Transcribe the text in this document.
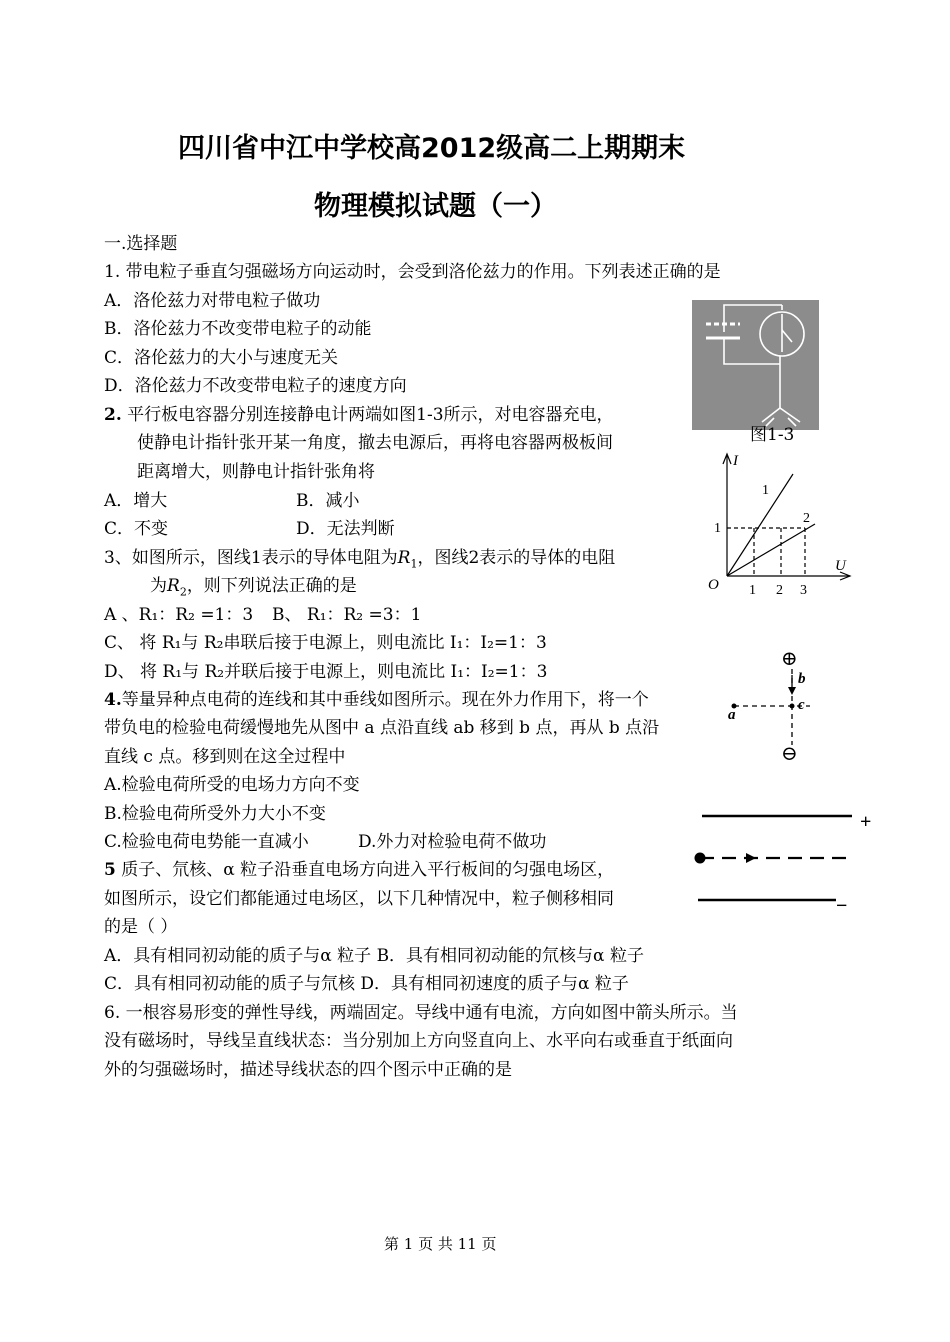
四川省中江中学校高2012级高二上期期末
物理模拟试题（一）
一.选择题
1. 带电粒子垂直匀强磁场方向运动时，会受到洛伦兹力的作用。下列表述正确的是
A．洛伦兹力对带电粒子做功
B．洛伦兹力不改变带电粒子的动能
C．洛伦兹力的大小与速度无关
D．洛伦兹力不改变带电粒子的速度方向
图1-3
2. 平行板电容器分别连接静电计两端如图1-3所示，对电容器充电，
使静电计指针张开某一角度，撤去电源后，再将电容器两极板间
距离增大，则静电计指针张角将
A．增大	B．减小
C．不变	D．无法判断
I
U
O
1
1 2 3
1
2
3、如图所示，图线1表示的导体电阻为$R_1$，图线2表示的导体的电阻
为$R_2$，则下列说法正确的是
A 、R₁：R₂ =1：3 B、 R₁：R₂ =3：1
C、 将 R₁与 R₂串联后接于电源上，则电流比 I₁：I₂=1：3
D、 将 R₁与 R₂并联后接于电源上，则电流比 I₁：I₂=1：3
⊕
⊖
a
b
c
4.等量异种点电荷的连线和其中垂线如图所示。现在外力作用下，将一个
带负电的检验电荷缓慢地先从图中 a 点沿直线 ab 移到 b 点，再从 b 点沿
直线 c 点。移到则在这全过程中
A.检验电荷所受的电场力方向不变
B.检验电荷所受外力大小不变
C.检验电荷电势能一直减小	D.外力对检验电荷不做功
+
−
5 质子、氘核、α 粒子沿垂直电场方向进入平行板间的匀强电场区，
如图所示，设它们都能通过电场区，以下几种情况中，粒子侧移相同
的是（ ）
A．具有相同初动能的质子与α 粒子 B．具有相同初动能的氘核与α 粒子
C．具有相同初动能的质子与氘核 D．具有相同初速度的质子与α 粒子
6. 一根容易形变的弹性导线，两端固定。导线中通有电流，方向如图中箭头所示。当
没有磁场时，导线呈直线状态：当分别加上方向竖直向上、水平向右或垂直于纸面向
外的匀强磁场时，描述导线状态的四个图示中正确的是
第 1 页 共 11 页
